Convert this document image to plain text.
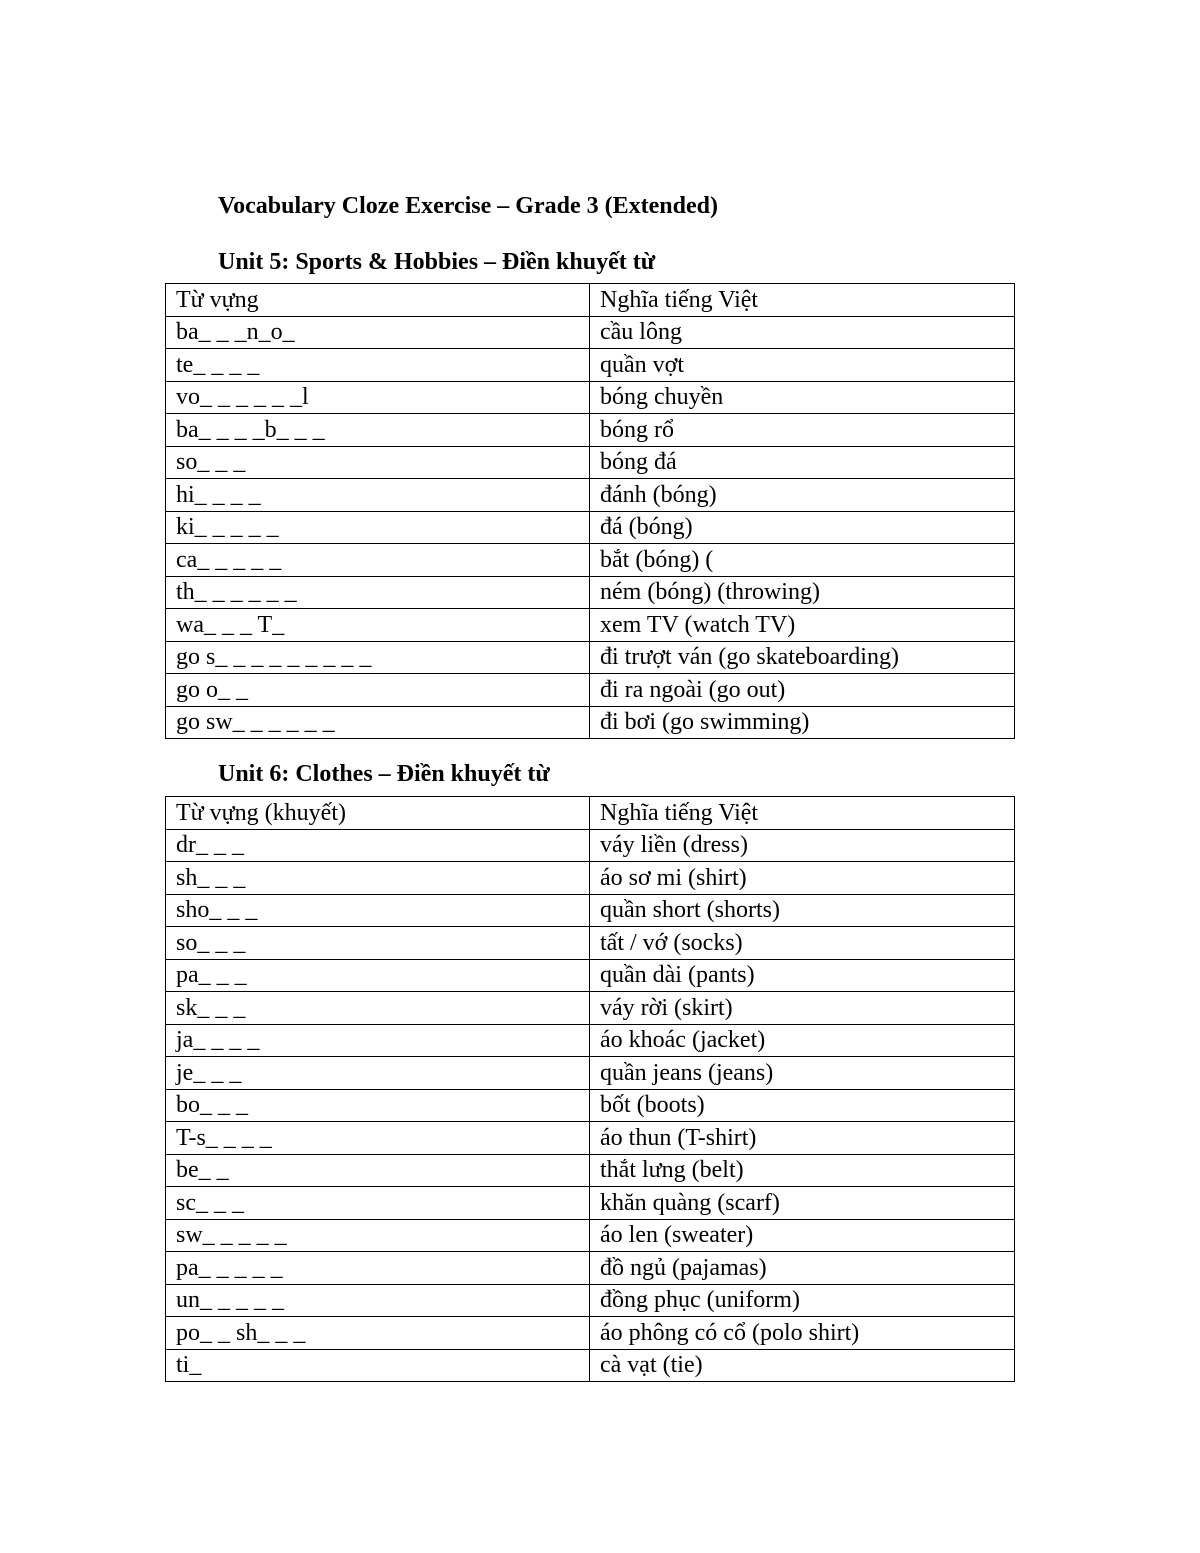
Vocabulary Cloze Exercise – Grade 3 (Extended)
Unit 5: Sports & Hobbies – Điền khuyết từ
Từ vựng	Nghĩa tiếng Việt
ba_ _ _n_o_	cầu lông
te_ _ _ _	quần vợt
vo_ _ _ _ _ _l	bóng chuyền
ba_ _ _ _b_ _ _	bóng rổ
so_ _ _	bóng đá
hi_ _ _ _	đánh (bóng)
ki_ _ _ _ _	đá (bóng)
ca_ _ _ _ _	bắt (bóng) (
th_ _ _ _ _ _	ném (bóng) (throwing)
wa_ _ _ T_	xem TV (watch TV)
go s_ _ _ _ _ _ _ _ _	đi trượt ván (go skateboarding)
go o_ _	đi ra ngoài (go out)
go sw_ _ _ _ _ _	đi bơi (go swimming)
Unit 6: Clothes – Điền khuyết từ
Từ vựng (khuyết)	Nghĩa tiếng Việt
dr_ _ _	váy liền (dress)
sh_ _ _	áo sơ mi (shirt)
sho_ _ _	quần short (shorts)
so_ _ _	tất / vớ (socks)
pa_ _ _	quần dài (pants)
sk_ _ _	váy rời (skirt)
ja_ _ _ _	áo khoác (jacket)
je_ _ _	quần jeans (jeans)
bo_ _ _	bốt (boots)
T-s_ _ _ _	áo thun (T-shirt)
be_ _	thắt lưng (belt)
sc_ _ _	khăn quàng (scarf)
sw_ _ _ _ _	áo len (sweater)
pa_ _ _ _ _	đồ ngủ (pajamas)
un_ _ _ _ _	đồng phục (uniform)
po_ _ sh_ _ _	áo phông có cổ (polo shirt)
ti_	cà vạt (tie)
